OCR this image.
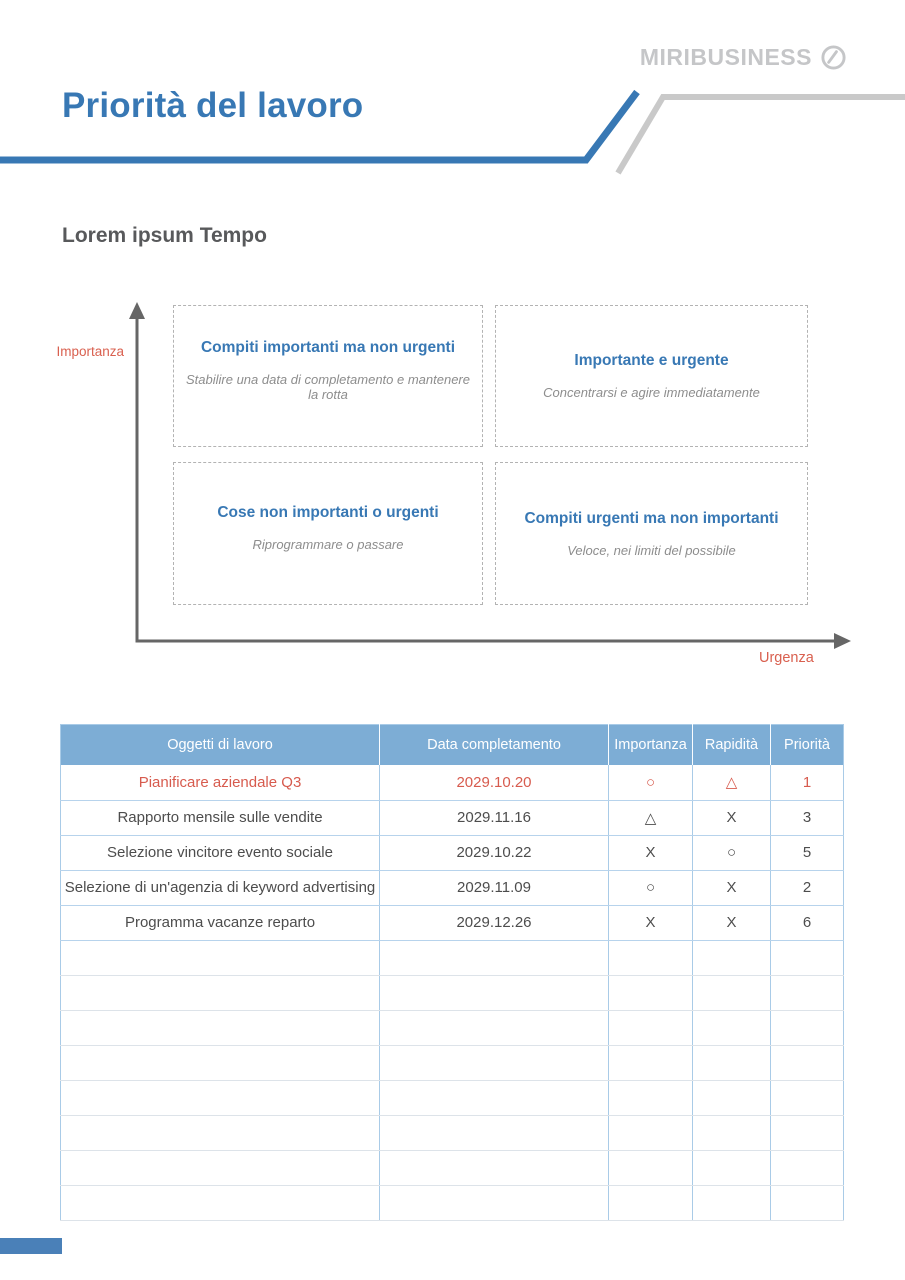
MIRIBUSINESS
Priorità del lavoro
Lorem ipsum Tempo
Importanza
Urgenza
Compiti importanti ma non urgenti
Stabilire una data di completamento e mantenere la rotta
Importante e urgente
Concentrarsi e agire immediatamente
Cose non importanti o urgenti
Riprogrammare o passare
Compiti urgenti ma non importanti
Veloce, nei limiti del possibile
Oggetti di lavoro	Data completamento	Importanza	Rapidità	Priorità
Pianificare aziendale Q3	2029.10.20	○	△	1
Rapporto mensile sulle vendite	2029.11.16	△	X	3
Selezione vincitore evento sociale	2029.10.22	X	○	5
Selezione di un'agenzia di keyword advertising	2029.11.09	○	X	2
Programma vacanze reparto	2029.12.26	X	X	6
